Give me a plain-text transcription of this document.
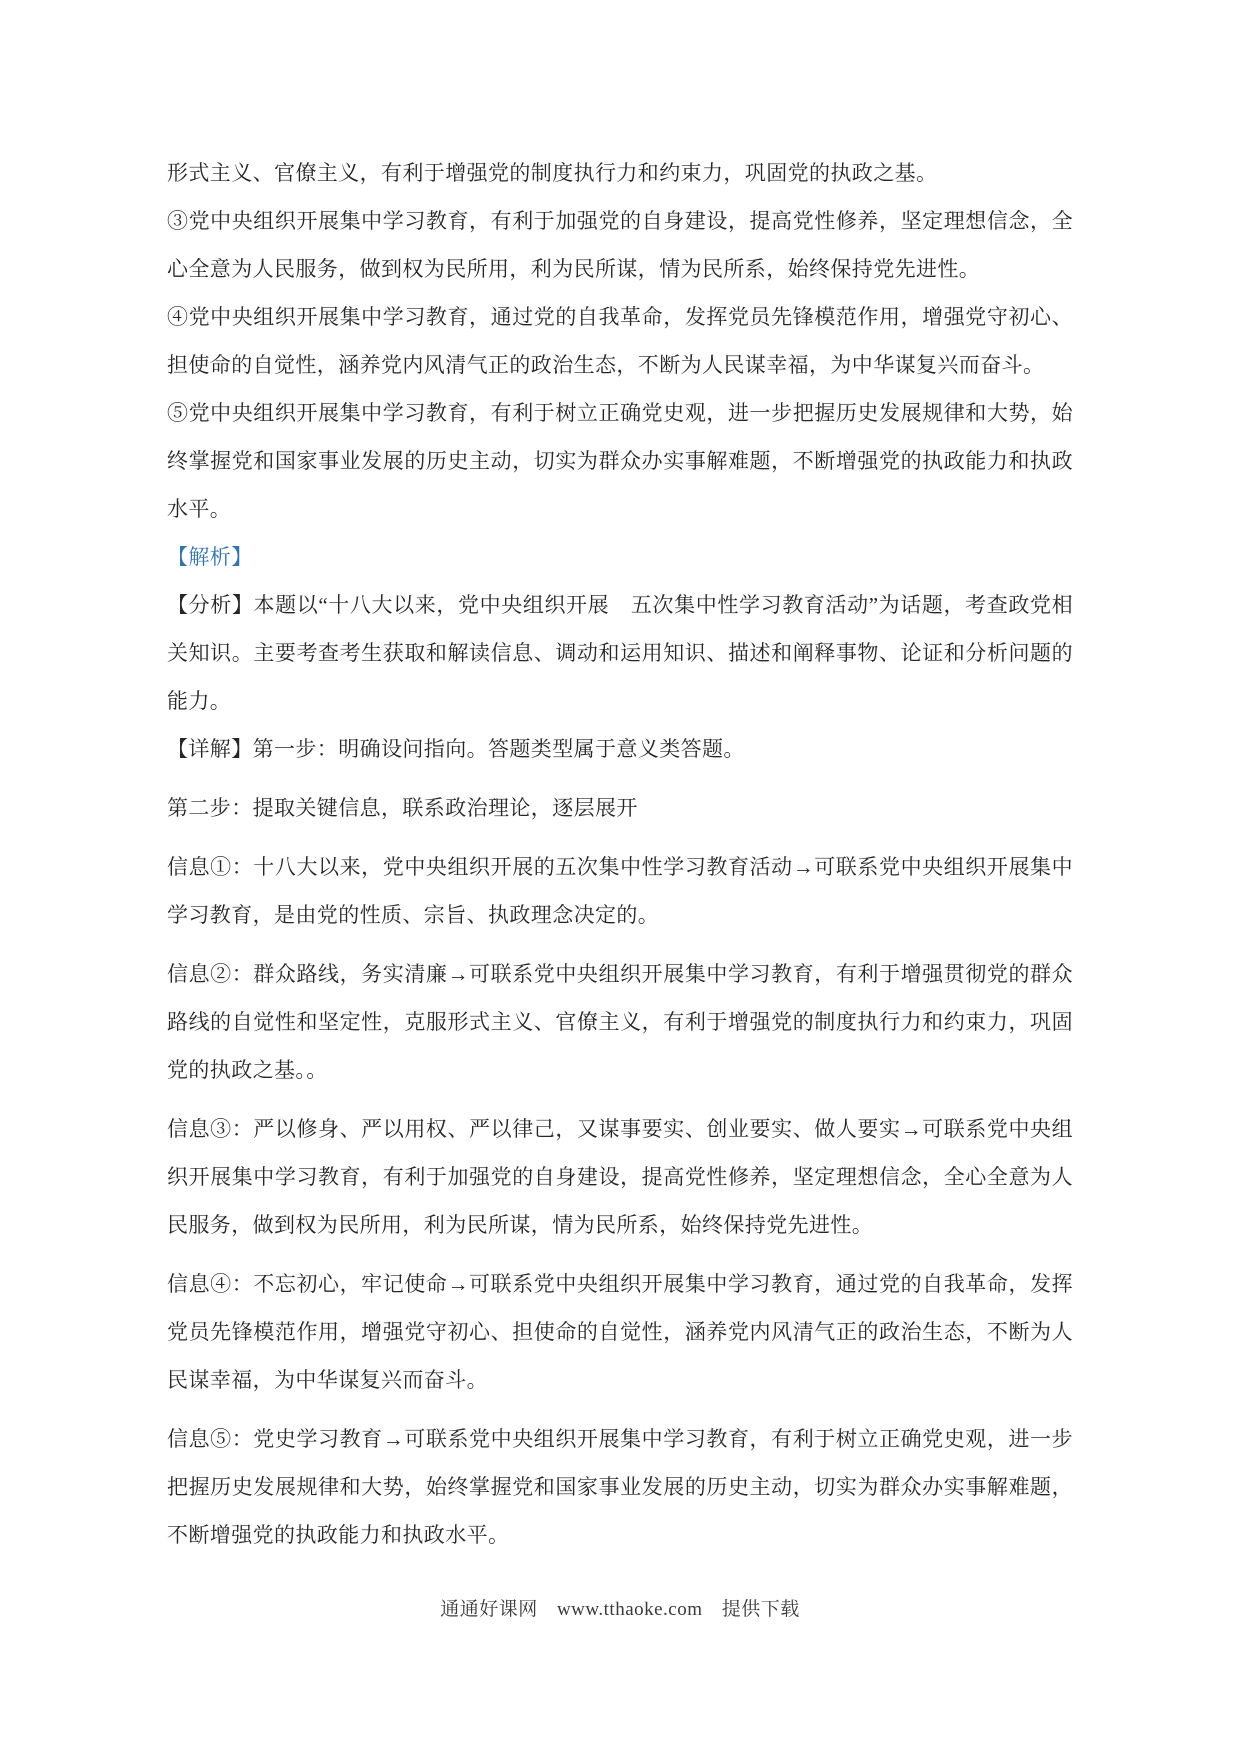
形式主义、官僚主义，有利于增强党的制度执行力和约束力，巩固党的执政之基。

③党中央组织开展集中学习教育，有利于加强党的自身建设，提高党性修养，坚定理想信念，全心全意为人民服务，做到权为民所用，利为民所谋，情为民所系，始终保持党先进性。

④党中央组织开展集中学习教育，通过党的自我革命，发挥党员先锋模范作用，增强党守初心、担使命的自觉性，涵养党内风清气正的政治生态，不断为人民谋幸福，为中华谋复兴而奋斗。

⑤党中央组织开展集中学习教育，有利于树立正确党史观，进一步把握历史发展规律和大势，始终掌握党和国家事业发展的历史主动，切实为群众办实事解难题，不断增强党的执政能力和执政水平。

【解析】

【分析】本题以“十八大以来，党中央组织开展　五次集中性学习教育活动”为话题，考查政党相关知识。主要考查考生获取和解读信息、调动和运用知识、描述和阐释事物、论证和分析问题的能力。

【详解】第一步：明确设问指向。答题类型属于意义类答题。

第二步：提取关键信息，联系政治理论，逐层展开

信息①：十八大以来，党中央组织开展的五次集中性学习教育活动→可联系党中央组织开展集中学习教育，是由党的性质、宗旨、执政理念决定的。

信息②：群众路线，务实清廉→可联系党中央组织开展集中学习教育，有利于增强贯彻党的群众路线的自觉性和坚定性，克服形式主义、官僚主义，有利于增强党的制度执行力和约束力，巩固党的执政之基。。

信息③：严以修身、严以用权、严以律己，又谋事要实、创业要实、做人要实→可联系党中央组织开展集中学习教育，有利于加强党的自身建设，提高党性修养，坚定理想信念，全心全意为人民服务，做到权为民所用，利为民所谋，情为民所系，始终保持党先进性。

信息④：不忘初心，牢记使命→可联系党中央组织开展集中学习教育，通过党的自我革命，发挥党员先锋模范作用，增强党守初心、担使命的自觉性，涵养党内风清气正的政治生态，不断为人民谋幸福，为中华谋复兴而奋斗。

信息⑤：党史学习教育→可联系党中央组织开展集中学习教育，有利于树立正确党史观，进一步把握历史发展规律和大势，始终掌握党和国家事业发展的历史主动，切实为群众办实事解难题，不断增强党的执政能力和执政水平。

通通好课网 www.tthaoke.com 提供下载
